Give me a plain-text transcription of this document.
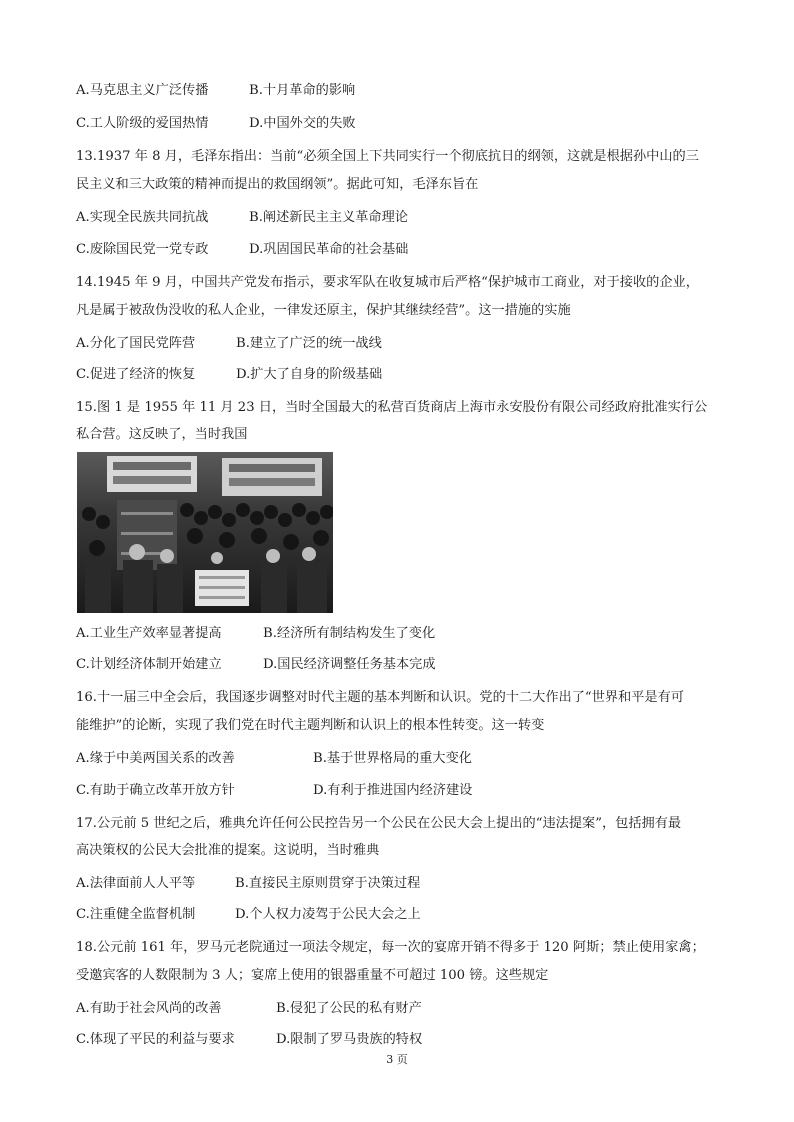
A.马克思主义广泛传播	B.十月革命的影响
C.工人阶级的爱国热情	D.中国外交的失败
13.1937 年 8 月，毛泽东指出：当前“必须全国上下共同实行一个彻底抗日的纲领，这就是根据孙中山的三
民主义和三大政策的精神而提出的救国纲领”。据此可知，毛泽东旨在
A.实现全民族共同抗战	B.阐述新民主主义革命理论
C.废除国民党一党专政	D.巩固国民革命的社会基础
14.1945 年 9 月，中国共产党发布指示，要求军队在收复城市后严格“保护城市工商业，对于接收的企业，
凡是属于被敌伪没收的私人企业，一律发还原主，保护其继续经营”。这一措施的实施
A.分化了国民党阵营	B.建立了广泛的统一战线
C.促进了经济的恢复	D.扩大了自身的阶级基础
15.图 1 是 1955 年 11 月 23 日，当时全国最大的私营百货商店上海市永安股份有限公司经政府批准实行公
私合营。这反映了，当时我国
A.工业生产效率显著提高	B.经济所有制结构发生了变化
C.计划经济体制开始建立	D.国民经济调整任务基本完成
16.十一届三中全会后，我国逐步调整对时代主题的基本判断和认识。党的十二大作出了“世界和平是有可
能维护”的论断，实现了我们党在时代主题判断和认识上的根本性转变。这一转变
A.缘于中美两国关系的改善	B.基于世界格局的重大变化
C.有助于确立改革开放方针	D.有利于推进国内经济建设
17.公元前 5 世纪之后，雅典允许任何公民控告另一个公民在公民大会上提出的“违法提案”，包括拥有最
高决策权的公民大会批准的提案。这说明，当时雅典
A.法律面前人人平等	B.直接民主原则贯穿于决策过程
C.注重健全监督机制	D.个人权力凌驾于公民大会之上
18.公元前 161 年，罗马元老院通过一项法令规定，每一次的宴席开销不得多于 120 阿斯；禁止使用家禽；
受邀宾客的人数限制为 3 人；宴席上使用的银器重量不可超过 100 镑。这些规定
A.有助于社会风尚的改善	B.侵犯了公民的私有财产
C.体现了平民的利益与要求	D.限制了罗马贵族的特权
3 页
